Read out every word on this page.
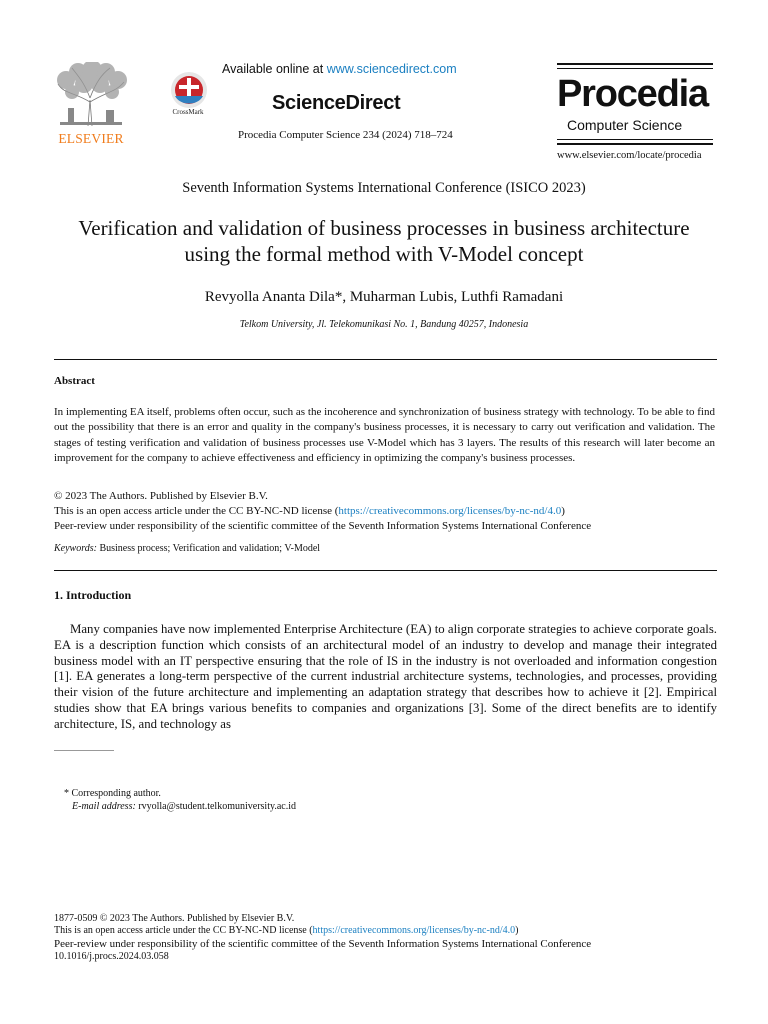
ELSEVIER
CrossMark
Available online at www.sciencedirect.com
ScienceDirect
Procedia Computer Science 234 (2024) 718–724
Procedia
Computer Science
www.elsevier.com/locate/procedia
Seventh Information Systems International Conference (ISICO 2023)
Verification and validation of business processes in business architecture using the formal method with V-Model concept
Revyolla Ananta Dila*, Muharman Lubis, Luthfi Ramadani
Telkom University, Jl. Telekomunikasi No. 1, Bandung 40257, Indonesia
Abstract
In implementing EA itself, problems often occur, such as the incoherence and synchronization of business strategy with technology. To be able to find out the possibility that there is an error and quality in the company's business processes, it is necessary to carry out verification and validation. The stages of testing verification and validation of business processes use V-Model which has 3 layers. The results of this research will later become an improvement for the company to achieve effectiveness and efficiency in optimizing the company's business processes.
© 2023 The Authors. Published by Elsevier B.V.
This is an open access article under the CC BY-NC-ND license (https://creativecommons.org/licenses/by-nc-nd/4.0)
Peer-review under responsibility of the scientific committee of the Seventh Information Systems International Conference
Keywords: Business process; Verification and validation; V-Model
1. Introduction
Many companies have now implemented Enterprise Architecture (EA) to align corporate strategies to achieve corporate goals. EA is a description function which consists of an architectural model of an industry to develop and manage their integrated business model with an IT perspective ensuring that the role of IS in the industry is not overloaded and information congestion [1]. EA generates a long-term perspective of the current industrial architecture systems, technologies, and processes, providing their vision of the future architecture and implementing an adaptation strategy that describes how to achieve it [2]. Empirical studies show that EA brings various benefits to companies and organizations [3]. Some of the direct benefits are to identify architecture, IS, and technology as
* Corresponding author.
E-mail address: rvyolla@student.telkomuniversity.ac.id
1877-0509 © 2023 The Authors. Published by Elsevier B.V.
This is an open access article under the CC BY-NC-ND license (https://creativecommons.org/licenses/by-nc-nd/4.0)
Peer-review under responsibility of the scientific committee of the Seventh Information Systems International Conference
10.1016/j.procs.2024.03.058
